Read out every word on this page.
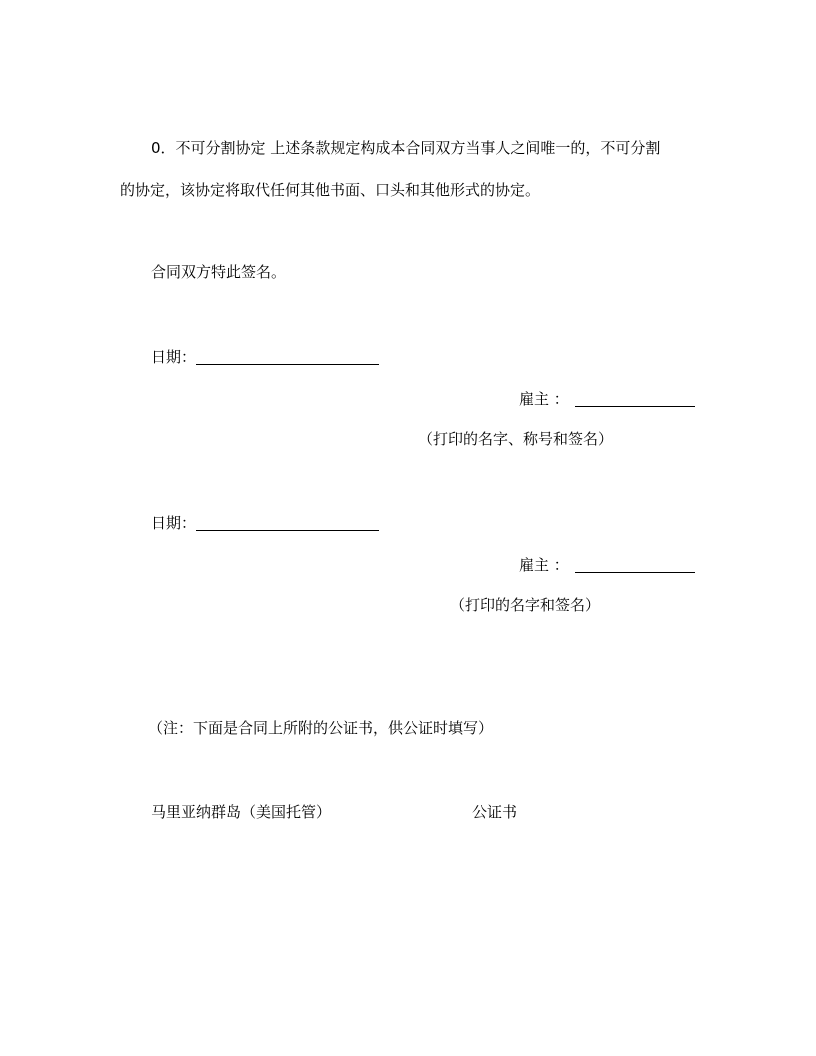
0．不可分割协定 上述条款规定构成本合同双方当事人之间唯一的，不可分割
的协定，该协定将取代任何其他书面、口头和其他形式的协定。
合同双方特此签名。
日期：
雇主 ：
（打印的名字、称号和签名）
日期：
雇主 ：
（打印的名字和签名）
（注：下面是合同上所附的公证书，供公证时填写）
马里亚纳群岛（美国托管）	公证书
